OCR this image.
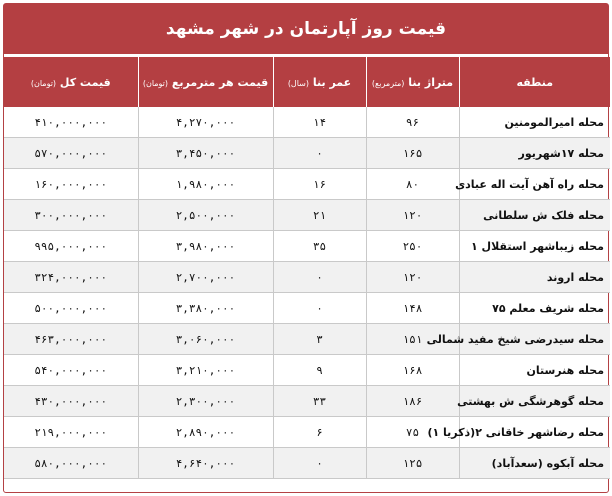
قیمت روز آپارتمان در شهر مشهد
منطقه	متراژ بنا (مترمربع)	عمر بنا (سال)	قیمت هر مترمربع (تومان)	قیمت کل (تومان)
محله امیرالمومنین	۹۶	۱۴	۴,۲۷۰,۰۰۰	۴۱۰,۰۰۰,۰۰۰
محله ۱۷شهریور	۱۶۵	۰	۳,۴۵۰,۰۰۰	۵۷۰,۰۰۰,۰۰۰
محله راه آهن آیت اله عبادی	۸۰	۱۶	۱,۹۸۰,۰۰۰	۱۶۰,۰۰۰,۰۰۰
محله فلک ش سلطانی	۱۲۰	۲۱	۲,۵۰۰,۰۰۰	۳۰۰,۰۰۰,۰۰۰
محله زیباشهر استقلال ۱	۲۵۰	۳۵	۳,۹۸۰,۰۰۰	۹۹۵,۰۰۰,۰۰۰
محله اروند	۱۲۰	۰	۲,۷۰۰,۰۰۰	۳۲۴,۰۰۰,۰۰۰
محله شریف معلم ۷۵	۱۴۸	۰	۳,۳۸۰,۰۰۰	۵۰۰,۰۰۰,۰۰۰
محله سیدرضی شیخ مفید شمالی	۱۵۱	۳	۳,۰۶۰,۰۰۰	۴۶۳,۰۰۰,۰۰۰
محله هنرستان	۱۶۸	۹	۳,۲۱۰,۰۰۰	۵۴۰,۰۰۰,۰۰۰
محله گوهرشگی ش بهشتی	۱۸۶	۳۳	۲,۳۰۰,۰۰۰	۴۳۰,۰۰۰,۰۰۰
محله رضاشهر خاقانی ۲(ذکریا ۱)	۷۵	۶	۲,۸۹۰,۰۰۰	۲۱۹,۰۰۰,۰۰۰
محله آبکوه (سعدآباد)	۱۲۵	۰	۴,۶۴۰,۰۰۰	۵۸۰,۰۰۰,۰۰۰
